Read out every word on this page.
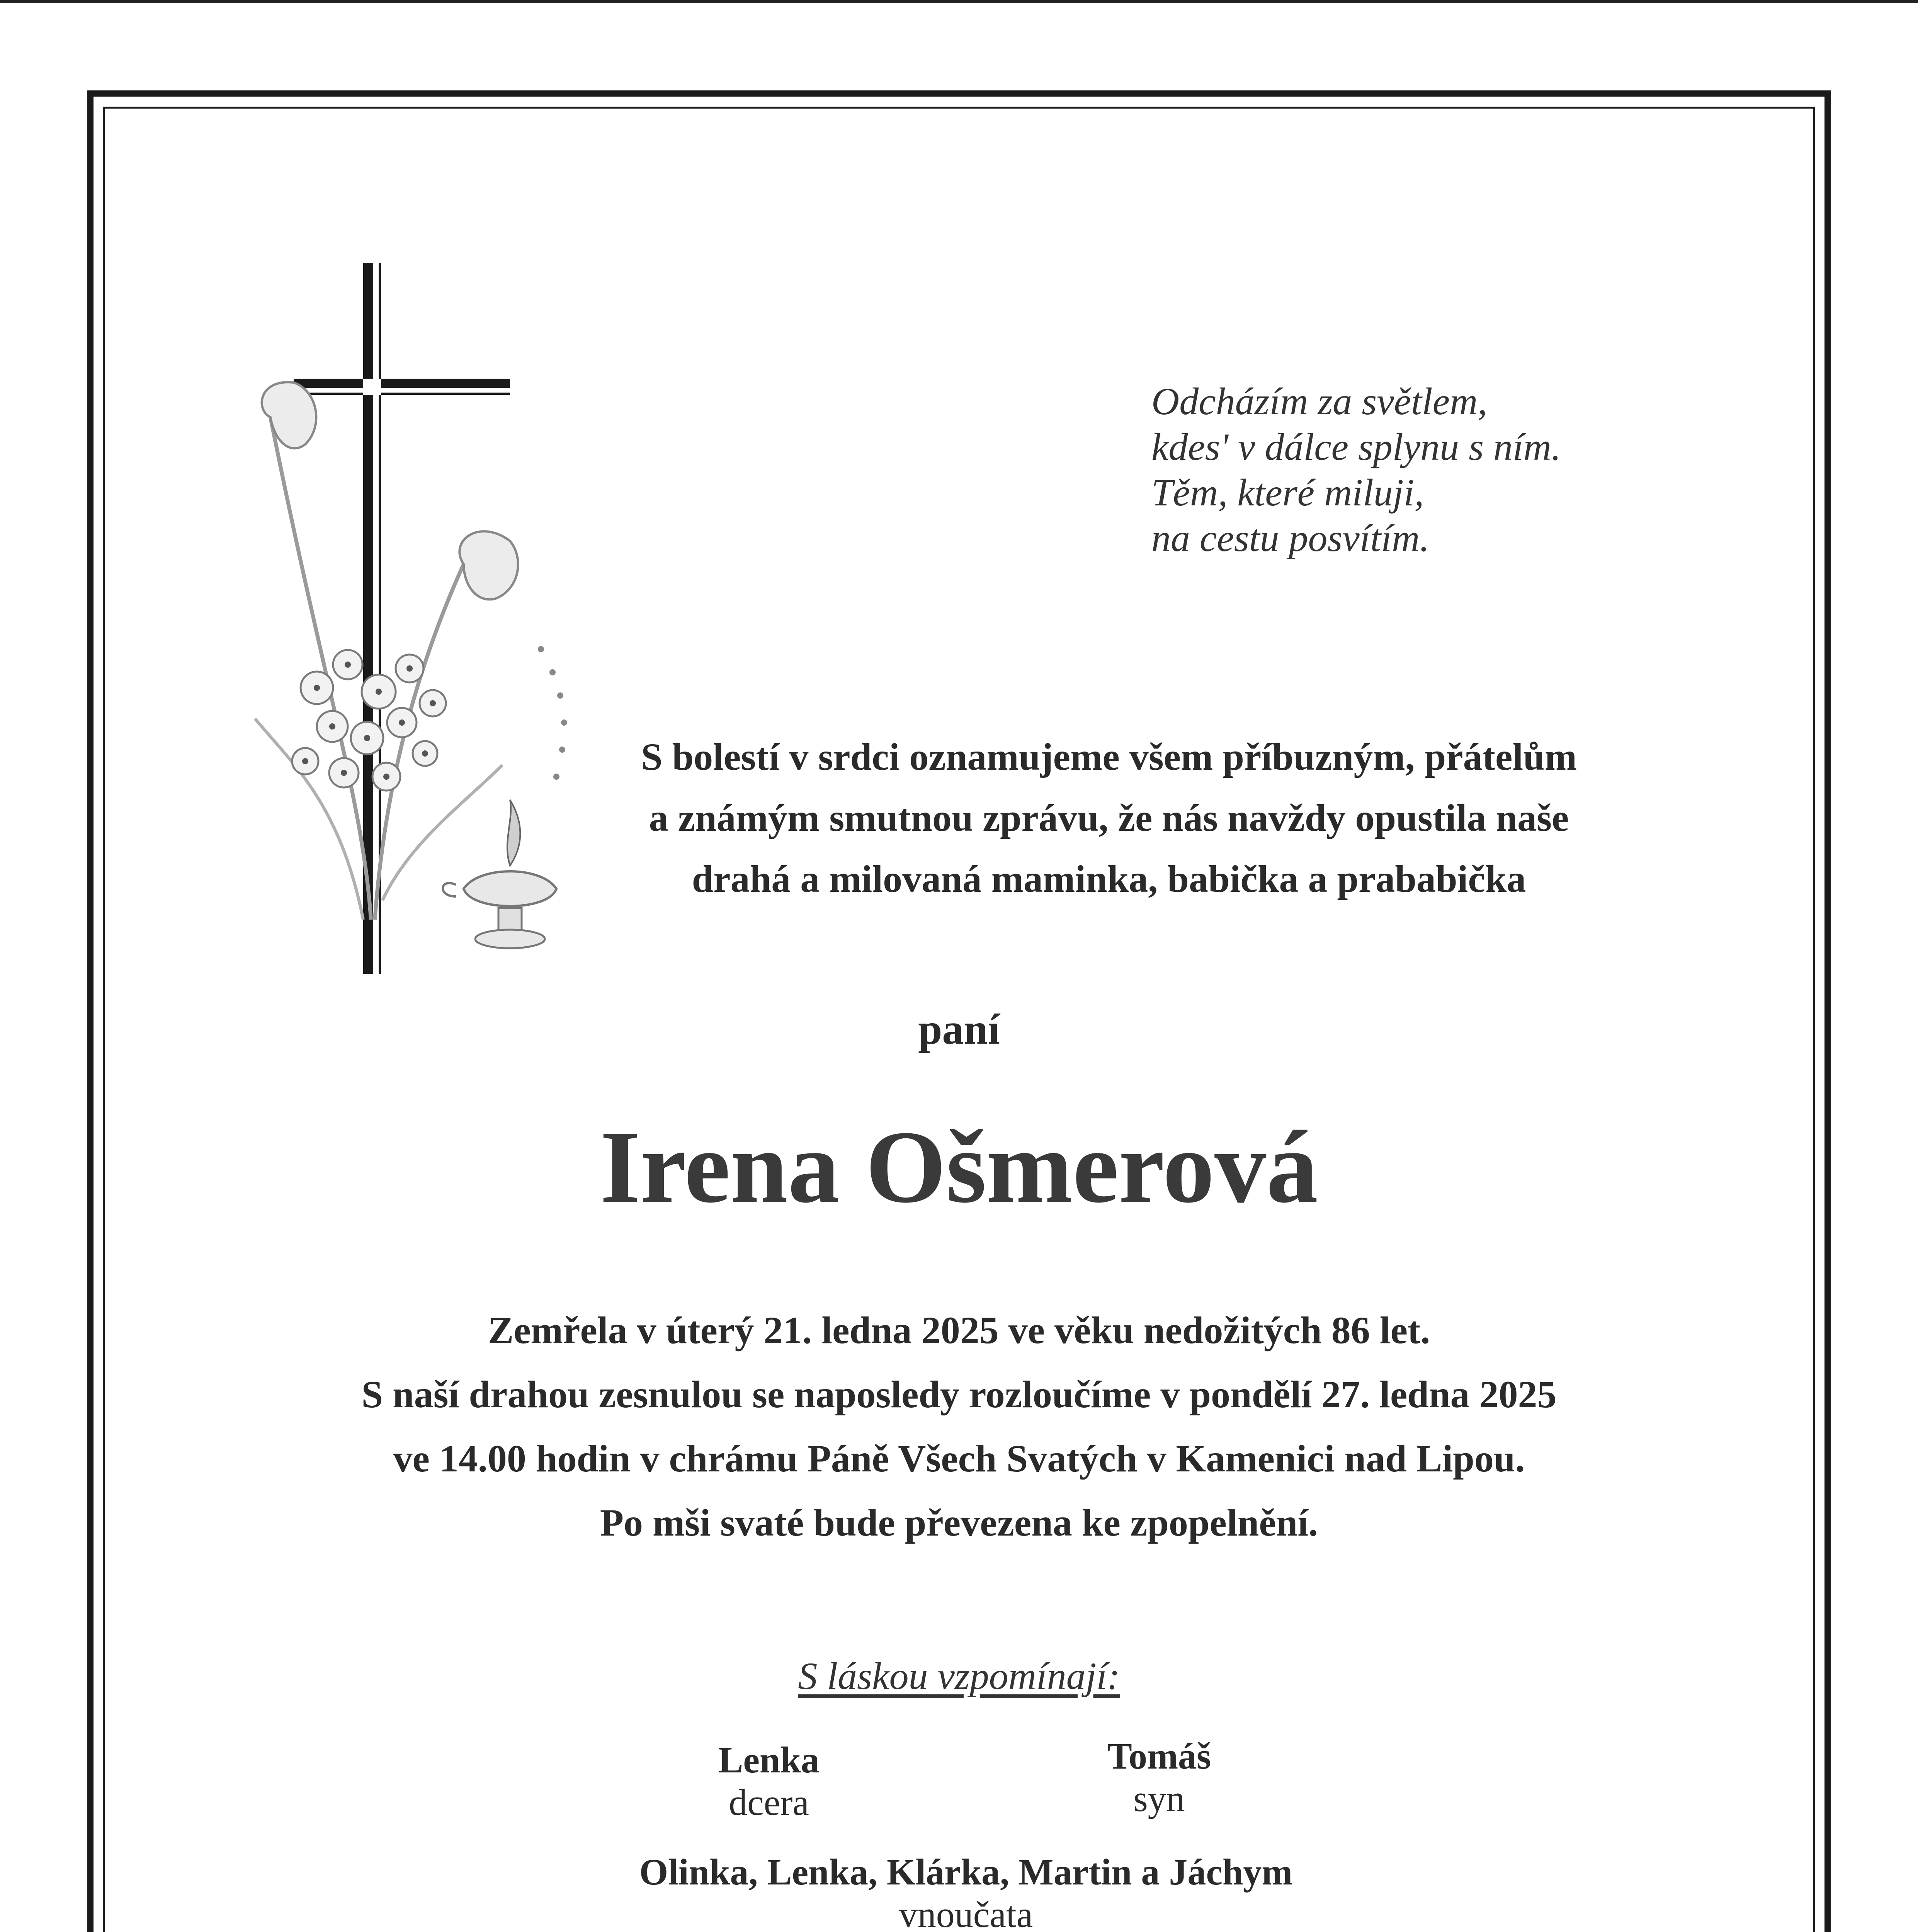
Odcházím za světlem,
kdes' v dálce splynu s ním.
Těm, které miluji,
na cestu posvítím.
S bolestí v srdci oznamujeme všem příbuzným, přátelům
a známým smutnou zprávu, že nás navždy opustila naše
drahá a milovaná maminka, babička a prababička
paní
Irena Ošmerová
Zemřela v úterý 21. ledna 2025 ve věku nedožitých 86 let.
S naší drahou zesnulou se naposledy rozloučíme v pondělí 27. ledna 2025
ve 14.00 hodin v chrámu Páně Všech Svatých v Kamenici nad Lipou.
Po mši svaté bude převezena ke zpopelnění.
S láskou vzpomínají:
Lenka
dcera
Tomáš
syn
Olinka, Lenka, Klárka, Martin a Jáchym
vnoučata
